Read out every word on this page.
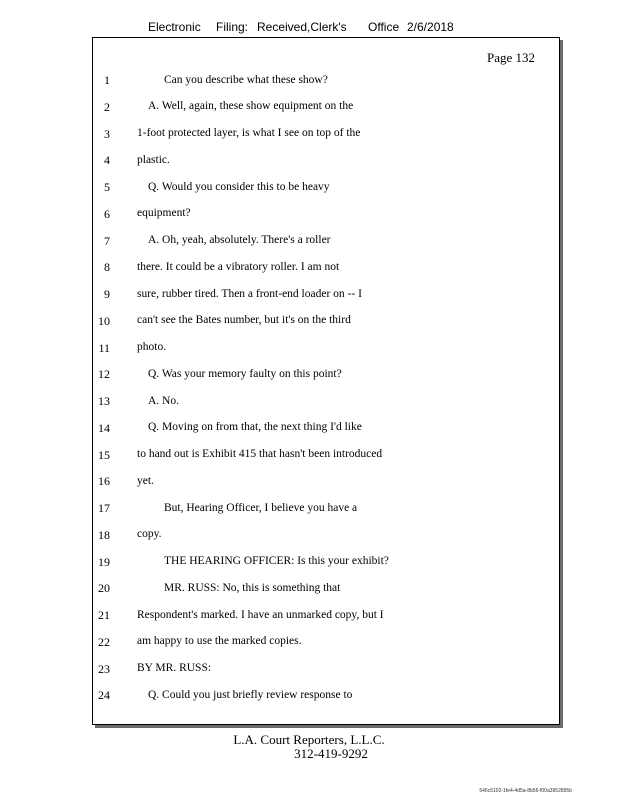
Electronic Filing: Received,Clerk's Office 2/6/2018
Page 132
1	Can you describe what these show?
2	A. Well, again, these show equipment on the
3 1-foot protected layer, is what I see on top of the
4 plastic.
5	Q. Would you consider this to be heavy
6 equipment?
7	A. Oh, yeah, absolutely. There's a roller
8 there. It could be a vibratory roller. I am not
9 sure, rubber tired. Then a front-end loader on -- I
10 can't see the Bates number, but it's on the third
11 photo.
12	Q. Was your memory faulty on this point?
13	A. No.
14	Q. Moving on from that, the next thing I'd like
15 to hand out is Exhibit 415 that hasn't been introduced
16 yet.
17	But, Hearing Officer, I believe you have a
18 copy.
19	THE HEARING OFFICER: Is this your exhibit?
20	MR. RUSS: No, this is something that
21 Respondent's marked. I have an unmarked copy, but I
22 am happy to use the marked copies.
23 BY MR. RUSS:
24	Q. Could you just briefly review response to
L.A. Court Reporters, L.L.C.
312-419-9292
546c5102-1fe4-4d5a-8b56-f00a3952895b
